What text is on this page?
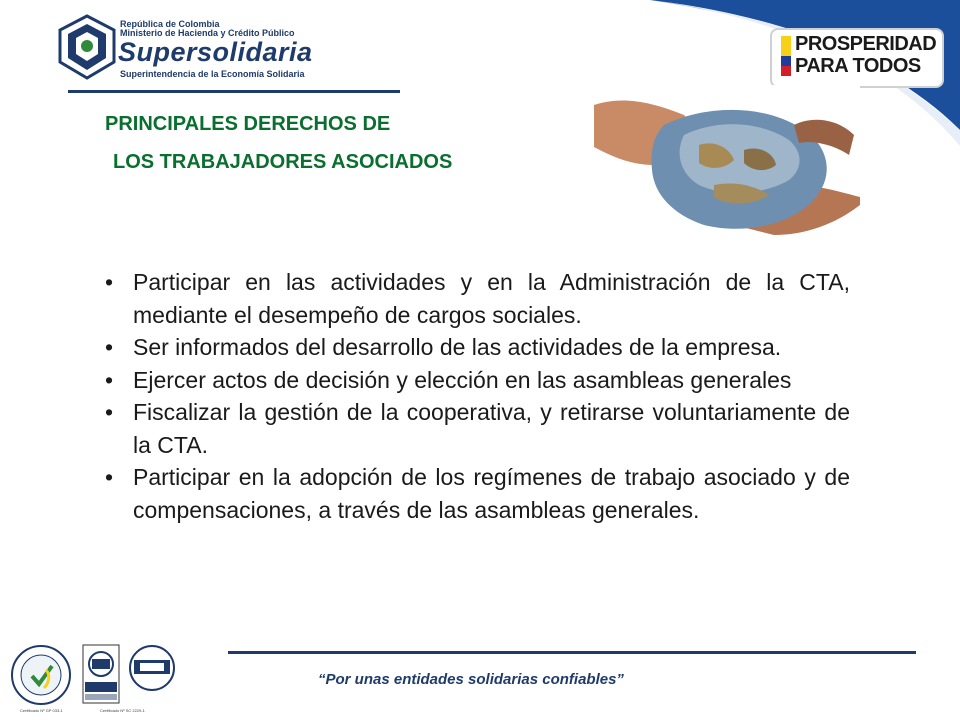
República de Colombia
Ministerio de Hacienda y Crédito Público
Supersolidaria
Superintendencia de la Economía Solidaria
PROSPERIDAD
PARA TODOS
PRINCIPALES DERECHOS DE
LOS TRABAJADORES ASOCIADOS
• Participar en las actividades y en la Administración de la CTA, mediante el desempeño de cargos sociales.
• Ser informados del desarrollo de las actividades de la empresa.
• Ejercer actos de decisión y elección en las asambleas generales
• Fiscalizar la gestión de la cooperativa, y retirarse voluntariamente de la CTA.
• Participar en la adopción de los regímenes de trabajo asociado y de            compensaciones, a través de las asambleas generales.
“Por unas entidades solidarias confiables”
Certificado Nº GP 033-1	Certificado Nº SC 2229-1
